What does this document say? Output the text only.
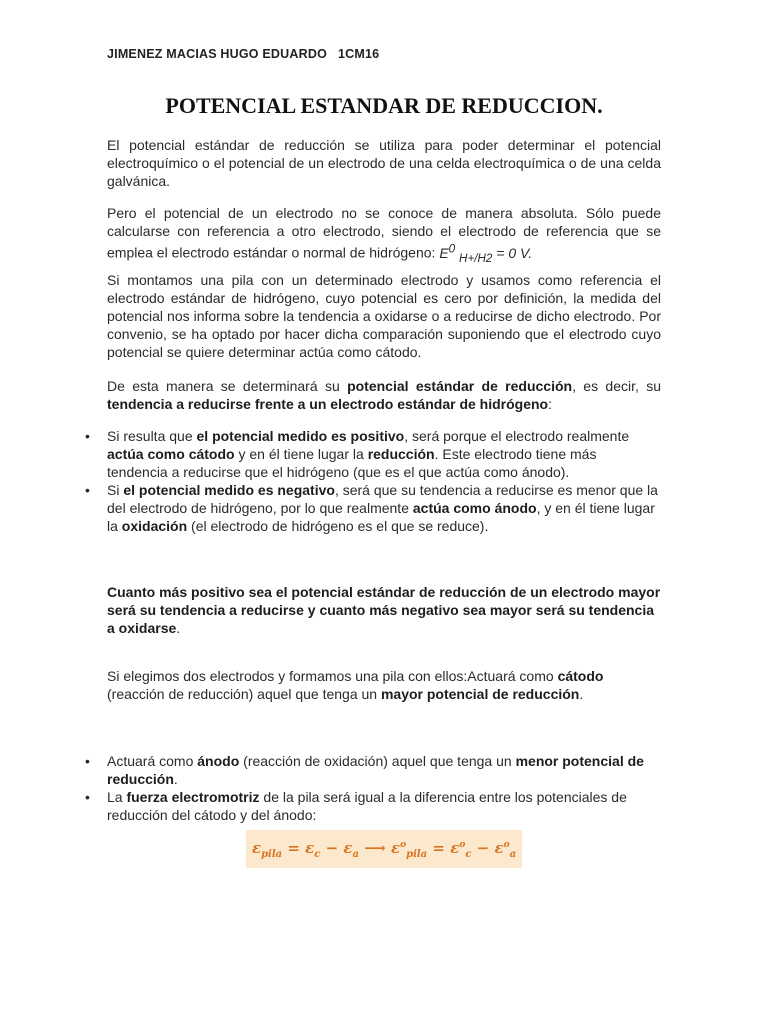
JIMENEZ MACIAS HUGO EDUARDO 1CM16
POTENCIAL ESTANDAR DE REDUCCION.

El potencial estándar de reducción se utiliza para poder determinar el potencial electroquímico o el potencial de un electrodo de una celda electroquímica o de una celda galvánica.

Pero el potencial de un electrodo no se conoce de manera absoluta. Sólo puede calcularse con referencia a otro electrodo, siendo el electrodo de referencia que se emplea el electrodo estándar o normal de hidrógeno: $E^0$ $_{H+/H2}$ = 0 V.

Si montamos una pila con un determinado electrodo y usamos como referencia el electrodo estándar de hidrógeno, cuyo potencial es cero por definición, la medida del potencial nos informa sobre la tendencia a oxidarse o a reducirse de dicho electrodo. Por convenio, se ha optado por hacer dicha comparación suponiendo que el electrodo cuyo potencial se quiere determinar actúa como cátodo.

De esta manera se determinará su potencial estándar de reducción, es decir, su tendencia a reducirse frente a un electrodo estándar de hidrógeno:

• Si resulta que el potencial medido es positivo, será porque el electrodo realmente actúa como cátodo y en él tiene lugar la reducción. Este electrodo tiene más tendencia a reducirse que el hidrógeno (que es el que actúa como ánodo).
• Si el potencial medido es negativo, será que su tendencia a reducirse es menor que la del electrodo de hidrógeno, por lo que realmente actúa como ánodo, y en él tiene lugar la oxidación (el electrodo de hidrógeno es el que se reduce).

Cuanto más positivo sea el potencial estándar de reducción de un electrodo mayor será su tendencia a reducirse y cuanto más negativo sea mayor será su tendencia a oxidarse.

Si elegimos dos electrodos y formamos una pila con ellos:Actuará como cátodo (reacción de reducción) aquel que tenga un mayor potencial de reducción.

• Actuará como ánodo (reacción de oxidación) aquel que tenga un menor potencial de reducción.
• La fuerza electromotriz de la pila será igual a la diferencia entre los potenciales de reducción del cátodo y del ánodo:
$\varepsilon_{pila} = \varepsilon_c - \varepsilon_a$ ⟶ $\varepsilon^o_{pila} = \varepsilon^o_c - \varepsilon^o_a$
